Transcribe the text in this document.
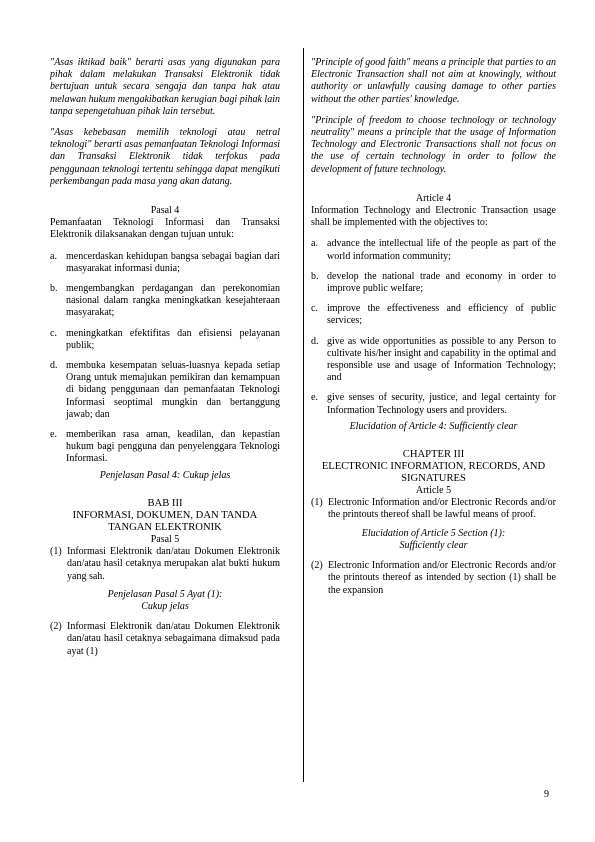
"Asas iktikad baik" berarti asas yang digunakan para pihak dalam melakukan Transaksi Elektronik tidak bertujuan untuk secara sengaja dan tanpa hak atau melawan hukum mengakibatkan kerugian bagi pihak lain tanpa sepengetahuan pihak lain tersebut.

"Asas kebebasan memilih teknologi atau netral teknologi" berarti asas pemanfaatan Teknologi Informasi dan Transaksi Elektronik tidak terfokus pada penggunaan teknologi tertentu sehingga dapat mengikuti perkembangan pada masa yang akan datang.

Pasal 4

Pemanfaatan Teknologi Informasi dan Transaksi Elektronik dilaksanakan dengan tujuan untuk:

a. mencerdaskan kehidupan bangsa sebagai bagian dari masyarakat informasi dunia;
b. mengembangkan perdagangan dan perekonomian nasional dalam rangka meningkatkan kesejahteraan masyarakat;
c. meningkatkan efektifitas dan efisiensi pelayanan publik;
d. membuka kesempatan seluas-luasnya kepada setiap Orang untuk memajukan pemikiran dan kemampuan di bidang penggunaan dan pemanfaatan Teknologi Informasi seoptimal mungkin dan bertanggung jawab; dan
e. memberikan rasa aman, keadilan, dan kepastian hukum bagi pengguna dan penyelenggara Teknologi Informasi.

Penjelasan Pasal 4: Cukup jelas

BAB III
INFORMASI, DOKUMEN, DAN TANDA TANGAN ELEKTRONIK

Pasal 5

(1) Informasi Elektronik dan/atau Dokumen Elektronik dan/atau hasil cetaknya merupakan alat bukti hukum yang sah.

Penjelasan Pasal 5 Ayat (1):

Cukup jelas

(2) Informasi Elektronik dan/atau Dokumen Elektronik dan/atau hasil cetaknya sebagaimana dimaksud pada ayat (1)

"Principle of good faith" means a principle that parties to an Electronic Transaction shall not aim at knowingly, without authority or unlawfully causing damage to other parties without the other parties' knowledge.

"Principle of freedom to choose technology or technology neutrality" means a principle that the usage of Information Technology and Electronic Transactions shall not focus on the use of certain technology in order to follow the development of future technology.

Article 4

Information Technology and Electronic Transaction usage shall be implemented with the objectives to:

a. advance the intellectual life of the people as part of the world information community;
b. develop the national trade and economy in order to improve public welfare;
c. improve the effectiveness and efficiency of public services;
d. give as wide opportunities as possible to any Person to cultivate his/her insight and capability in the optimal and responsible use and usage of Information Technology; and
e. give senses of security, justice, and legal certainty for Information Technology users and providers.

Elucidation of Article 4: Sufficiently clear

CHAPTER III
ELECTRONIC INFORMATION, RECORDS, AND SIGNATURES

Article 5

(1) Electronic Information and/or Electronic Records and/or the printouts thereof shall be lawful means of proof.

Elucidation of Article 5 Section (1):

Sufficiently clear

(2) Electronic Information and/or Electronic Records and/or the printouts thereof as intended by section (1) shall be the expansion
9
